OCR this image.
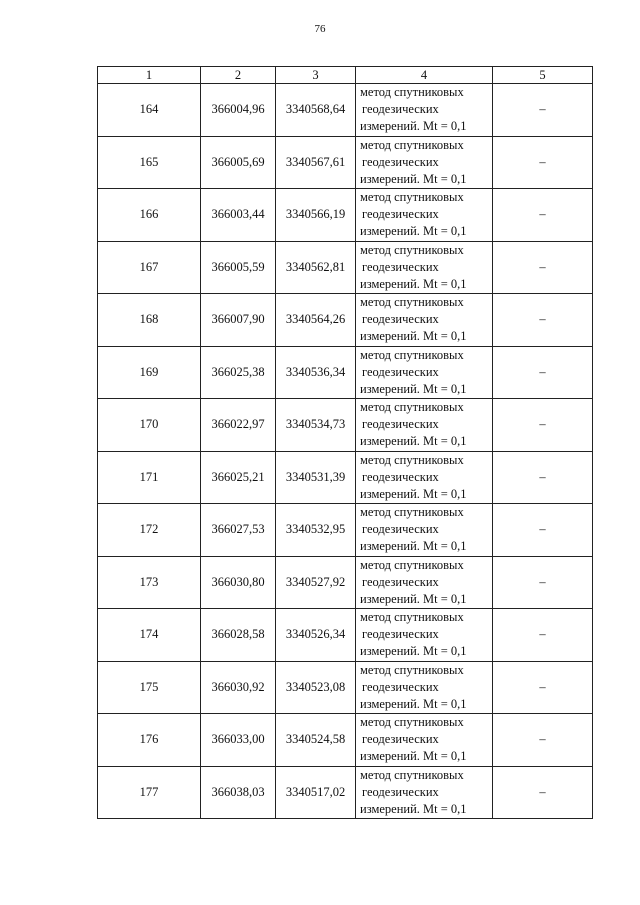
76
1	2	3	4	5
164	366004,96	3340568,64	метод спутниковых
геодезических
измерений. Mt = 0,1	–
165	366005,69	3340567,61	метод спутниковых
геодезических
измерений. Mt = 0,1	–
166	366003,44	3340566,19	метод спутниковых
геодезических
измерений. Mt = 0,1	–
167	366005,59	3340562,81	метод спутниковых
геодезических
измерений. Mt = 0,1	–
168	366007,90	3340564,26	метод спутниковых
геодезических
измерений. Mt = 0,1	–
169	366025,38	3340536,34	метод спутниковых
геодезических
измерений. Mt = 0,1	–
170	366022,97	3340534,73	метод спутниковых
геодезических
измерений. Mt = 0,1	–
171	366025,21	3340531,39	метод спутниковых
геодезических
измерений. Mt = 0,1	–
172	366027,53	3340532,95	метод спутниковых
геодезических
измерений. Mt = 0,1	–
173	366030,80	3340527,92	метод спутниковых
геодезических
измерений. Mt = 0,1	–
174	366028,58	3340526,34	метод спутниковых
геодезических
измерений. Mt = 0,1	–
175	366030,92	3340523,08	метод спутниковых
геодезических
измерений. Mt = 0,1	–
176	366033,00	3340524,58	метод спутниковых
геодезических
измерений. Mt = 0,1	–
177	366038,03	3340517,02	метод спутниковых
геодезических
измерений. Mt = 0,1	–
